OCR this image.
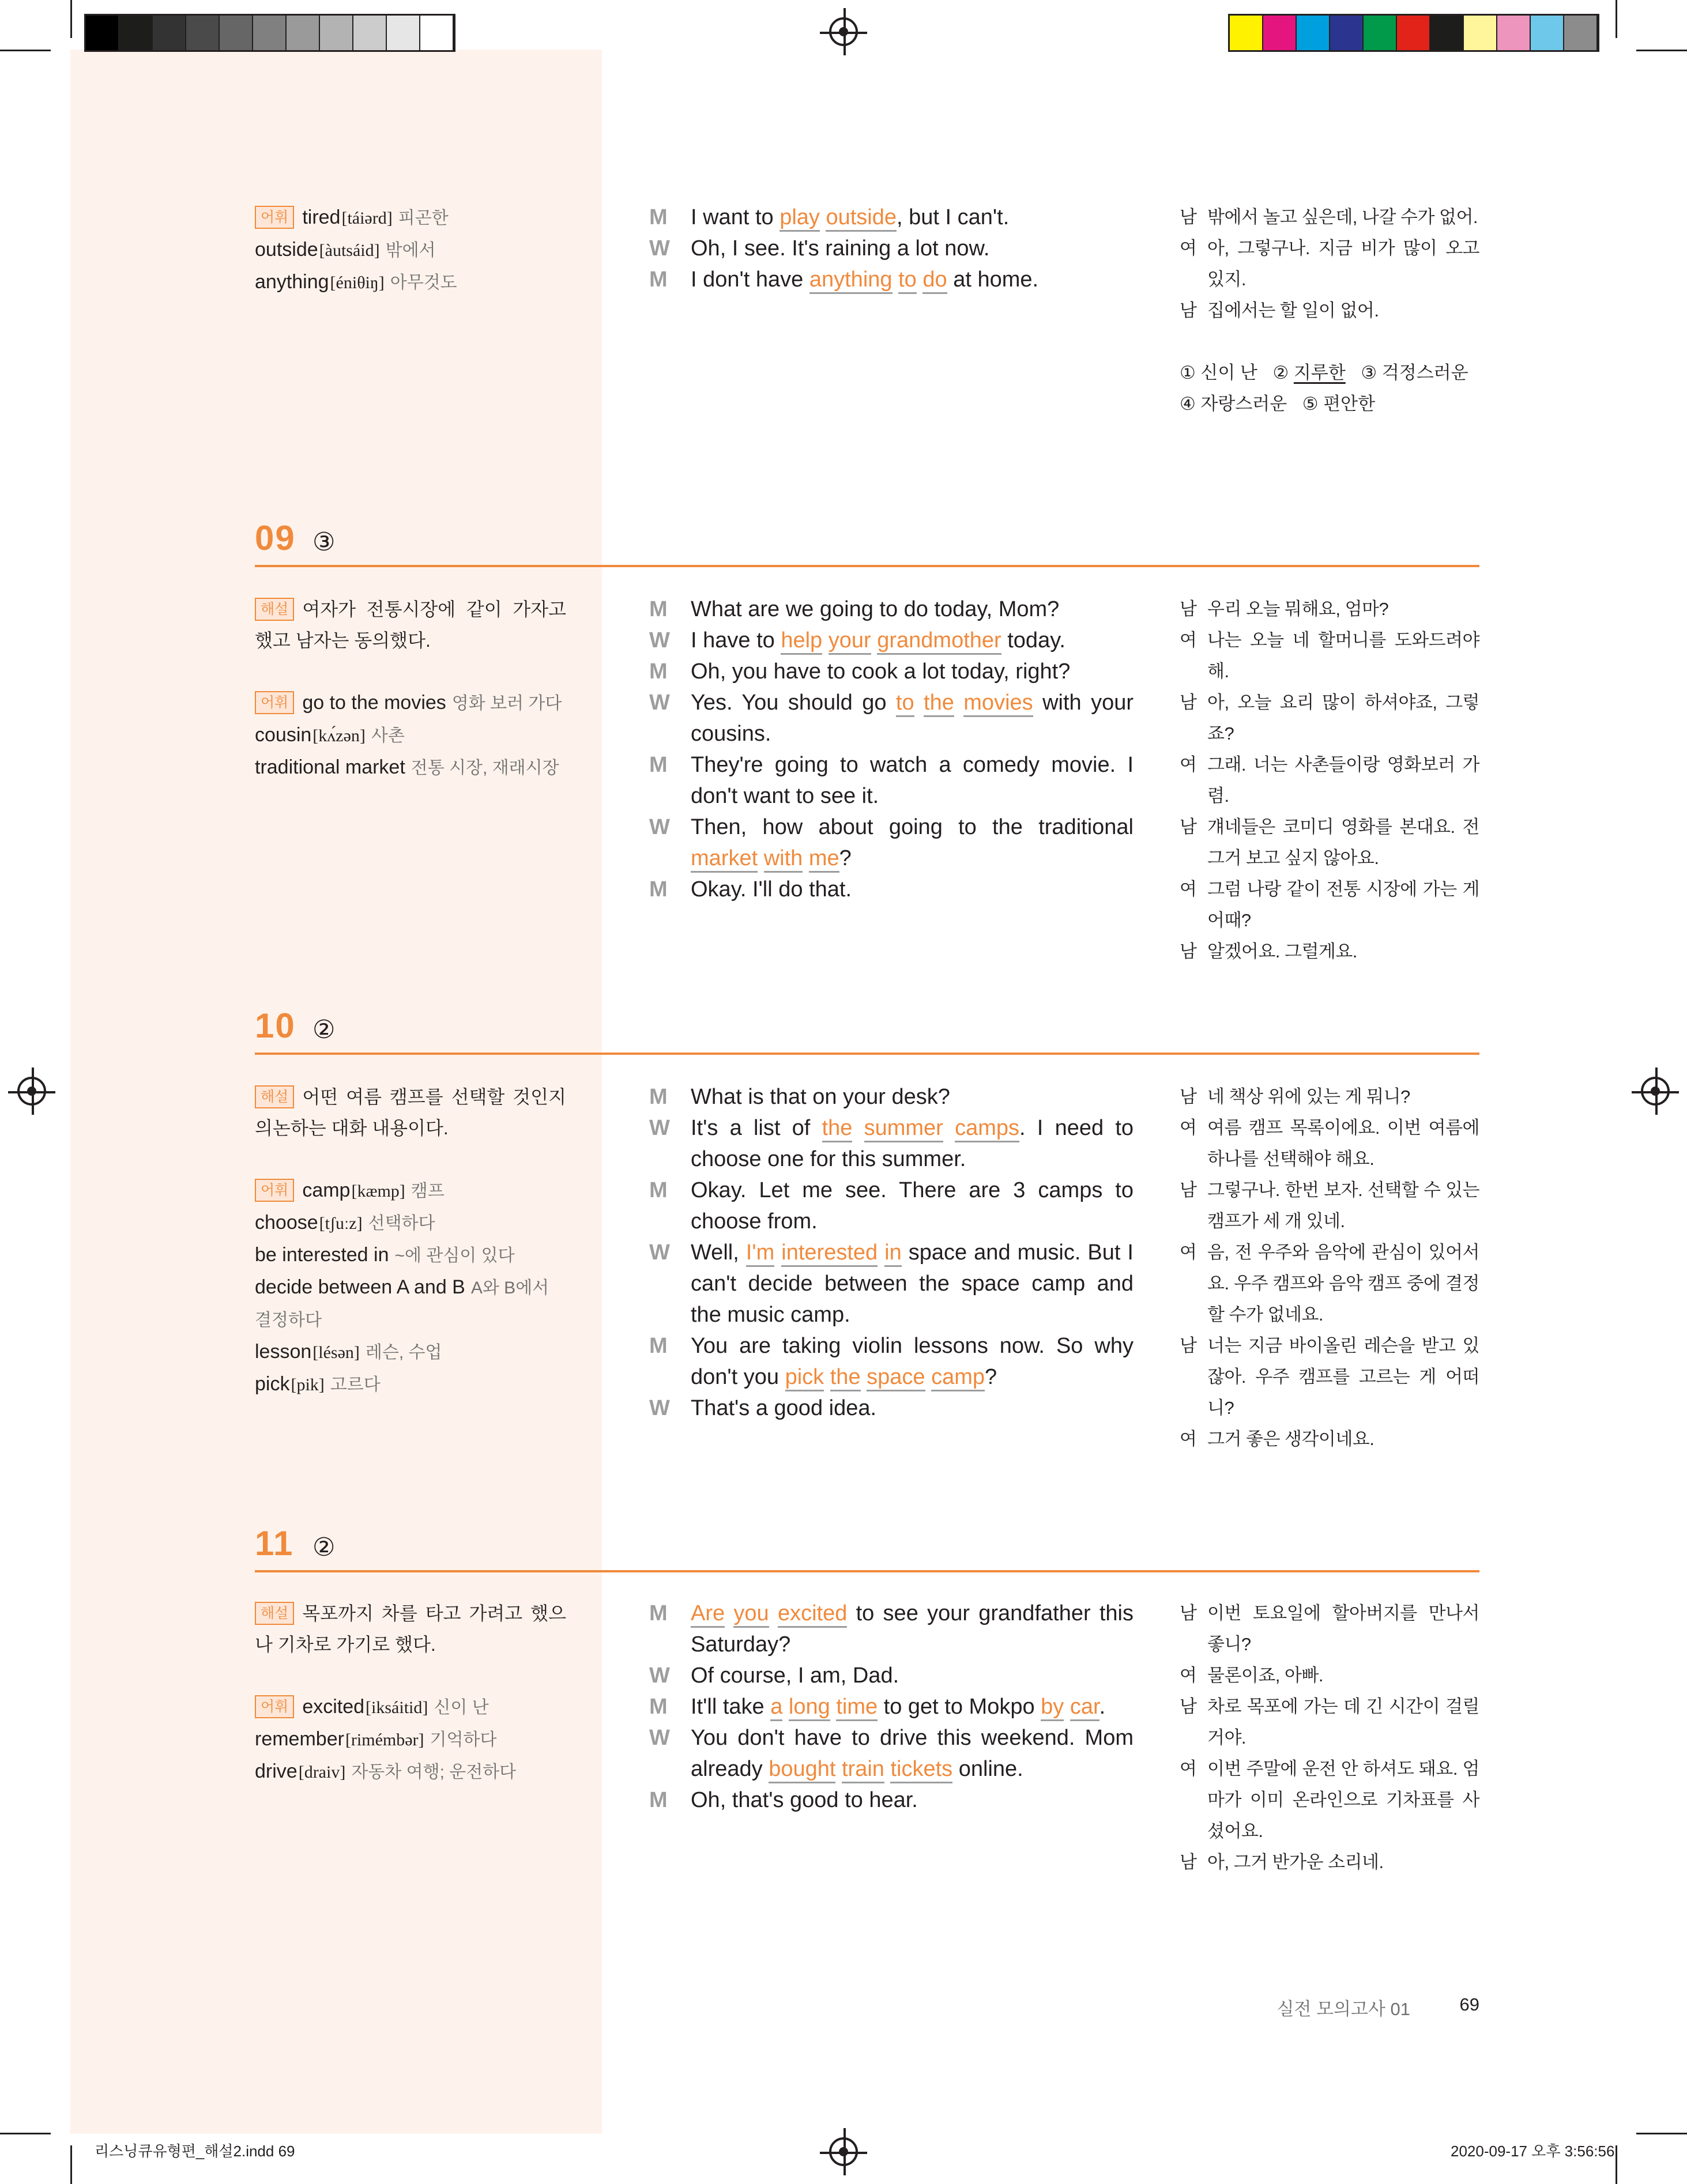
어휘 tired[táiərd] 피곤한
outside[àutsáid] 밖에서
anything[éniθiŋ] 아무것도
M	I want to play outside, but I can't.
W Oh, I see. It's raining a lot now.
M	I don't have anything to do at home.
남 밖에서 놀고 싶은데, 나갈 수가 없어.
여 아, 그렇구나. 지금 비가 많이 오고 있지.
남 집에서는 할 일이 없어.
① 신이 난 ② 지루한 ③ 걱정스러운
④ 자랑스러운 ⑤ 편안한
09 ③
해설 여자가 전통시장에 같이 가자고 했고 남자는 동의했다.
어휘 go to the movies 영화 보러 가다
cousin[kʌ́zən] 사촌
traditional market 전통 시장, 재래시장
M	What are we going to do today, Mom?
W I have to help your grandmother today.
M	Oh, you have to cook a lot today, right?
W Yes. You should go to the movies with your cousins.
M	They're going to watch a comedy movie. I don't want to see it.
W Then, how about going to the traditional market with me?
M	Okay. I'll do that.
남 우리 오늘 뭐해요, 엄마?
여 나는 오늘 네 할머니를 도와드려야 해.
남 아, 오늘 요리 많이 하셔야죠, 그렇죠?
여 그래. 너는 사촌들이랑 영화보러 가렴.
남 걔네들은 코미디 영화를 본대요. 전 그거 보고 싶지 않아요.
여 그럼 나랑 같이 전통 시장에 가는 게 어때?
남 알겠어요. 그럴게요.
10 ②
해설 어떤 여름 캠프를 선택할 것인지 의논하는 대화 내용이다.
어휘 camp[kæmp] 캠프
choose[tʃuːz] 선택하다
be interested in ~에 관심이 있다
decide between A and B A와 B에서 결정하다
lesson[lésən] 레슨, 수업
pick[pik] 고르다
M	What is that on your desk?
W It's a list of the summer camps. I need to choose one for this summer.
M	Okay. Let me see. There are 3 camps to choose from.
W Well, I'm interested in space and music. But I can't decide between the space camp and the music camp.
M	You are taking violin lessons now. So why don't you pick the space camp?
W That's a good idea.
남 네 책상 위에 있는 게 뭐니?
여 여름 캠프 목록이에요. 이번 여름에 하나를 선택해야 해요.
남 그렇구나. 한번 보자. 선택할 수 있는 캠프가 세 개 있네.
여 음, 전 우주와 음악에 관심이 있어서요. 우주 캠프와 음악 캠프 중에 결정할 수가 없네요.
남 너는 지금 바이올린 레슨을 받고 있잖아. 우주 캠프를 고르는 게 어떠니?
여 그거 좋은 생각이네요.
11 ②
해설 목포까지 차를 타고 가려고 했으나 기차로 가기로 했다.
어휘 excited[iksáitid] 신이 난
remember[rimémbər] 기억하다
drive[draiv] 자동차 여행; 운전하다
M	Are you excited to see your grandfather this Saturday?
W Of course, I am, Dad.
M	It'll take a long time to get to Mokpo by car.
W You don't have to drive this weekend. Mom already bought train tickets online.
M	Oh, that's good to hear.
남 이번 토요일에 할아버지를 만나서 좋니?
여 물론이죠, 아빠.
남 차로 목포에 가는 데 긴 시간이 걸릴 거야.
여 이번 주말에 운전 안 하셔도 돼요. 엄마가 이미 온라인으로 기차표를 사셨어요.
남 아, 그거 반가운 소리네.
실전 모의고사 01	69
리스닝큐유형편_해설2.indd 69	2020-09-17 오후 3:56:56
